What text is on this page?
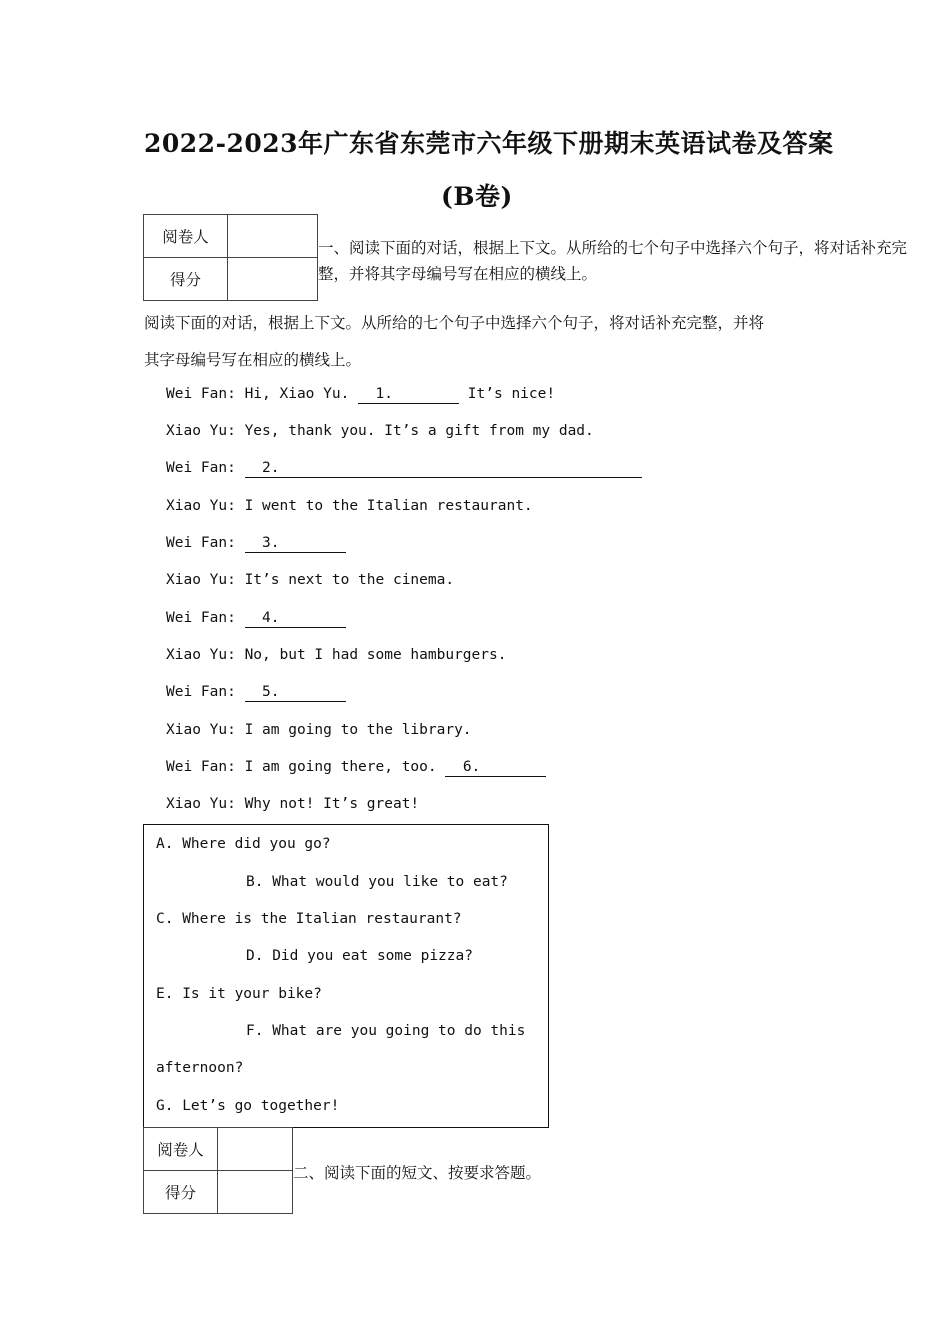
2022-2023年广东省东莞市六年级下册期末英语试卷及答案
(B卷)
阅卷人	
得分	
一、阅读下面的对话，根据上下文。从所给的七个句子中选择六个句子，将对话补充完
整，并将其字母编号写在相应的横线上。
阅读下面的对话，根据上下文。从所给的七个句子中选择六个句子，将对话补充完整，并将
其字母编号写在相应的横线上。
Wei Fan: Hi, Xiao Yu.   1.	It’s nice!
Xiao Yu: Yes, thank you. It’s a gift from my dad.
Wei Fan:   2.
Xiao Yu: I went to the Italian restaurant.
Wei Fan:   3.
Xiao Yu: It’s next to the cinema.
Wei Fan:   4.
Xiao Yu: No, but I had some hamburgers.
Wei Fan:   5.
Xiao Yu: I am going to the library.
Wei Fan: I am going there, too.   6.
Xiao Yu: Why not! It’s great!
A. Where did you go?
B. What would you like to eat?
C. Where is the Italian restaurant?
D. Did you eat some pizza?
E. Is it your bike?
F. What are you going to do this
afternoon?
G. Let’s go together!
阅卷人	
得分	
二、阅读下面的短文、按要求答题。
